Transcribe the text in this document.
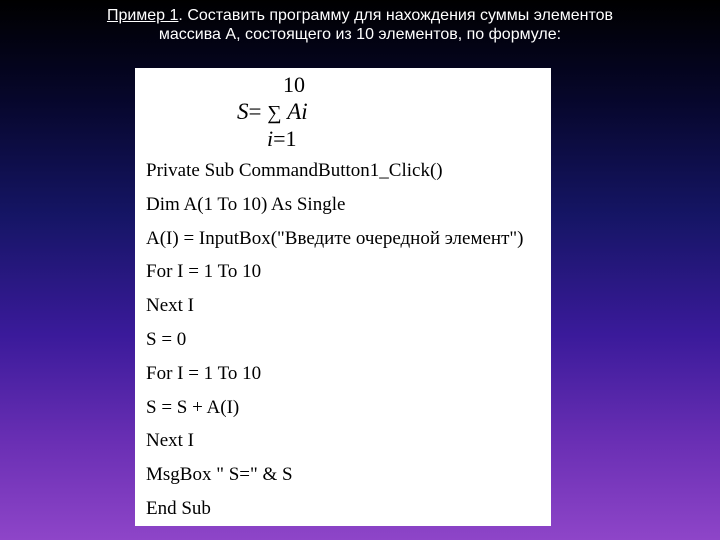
Пример 1. Составить программу для нахождения суммы элементов
массива А, состоящего из 10 элементов, по формуле:
10
S= ∑ Ai
i=1
Private Sub CommandButton1_Click()
Dim A(1 To 10) As Single
A(I) = InputBox("Введите очередной элемент")
For I = 1 To 10
Next I
S = 0
For I = 1 To 10
S = S + A(I)
Next I
MsgBox " S=" & S
End Sub
